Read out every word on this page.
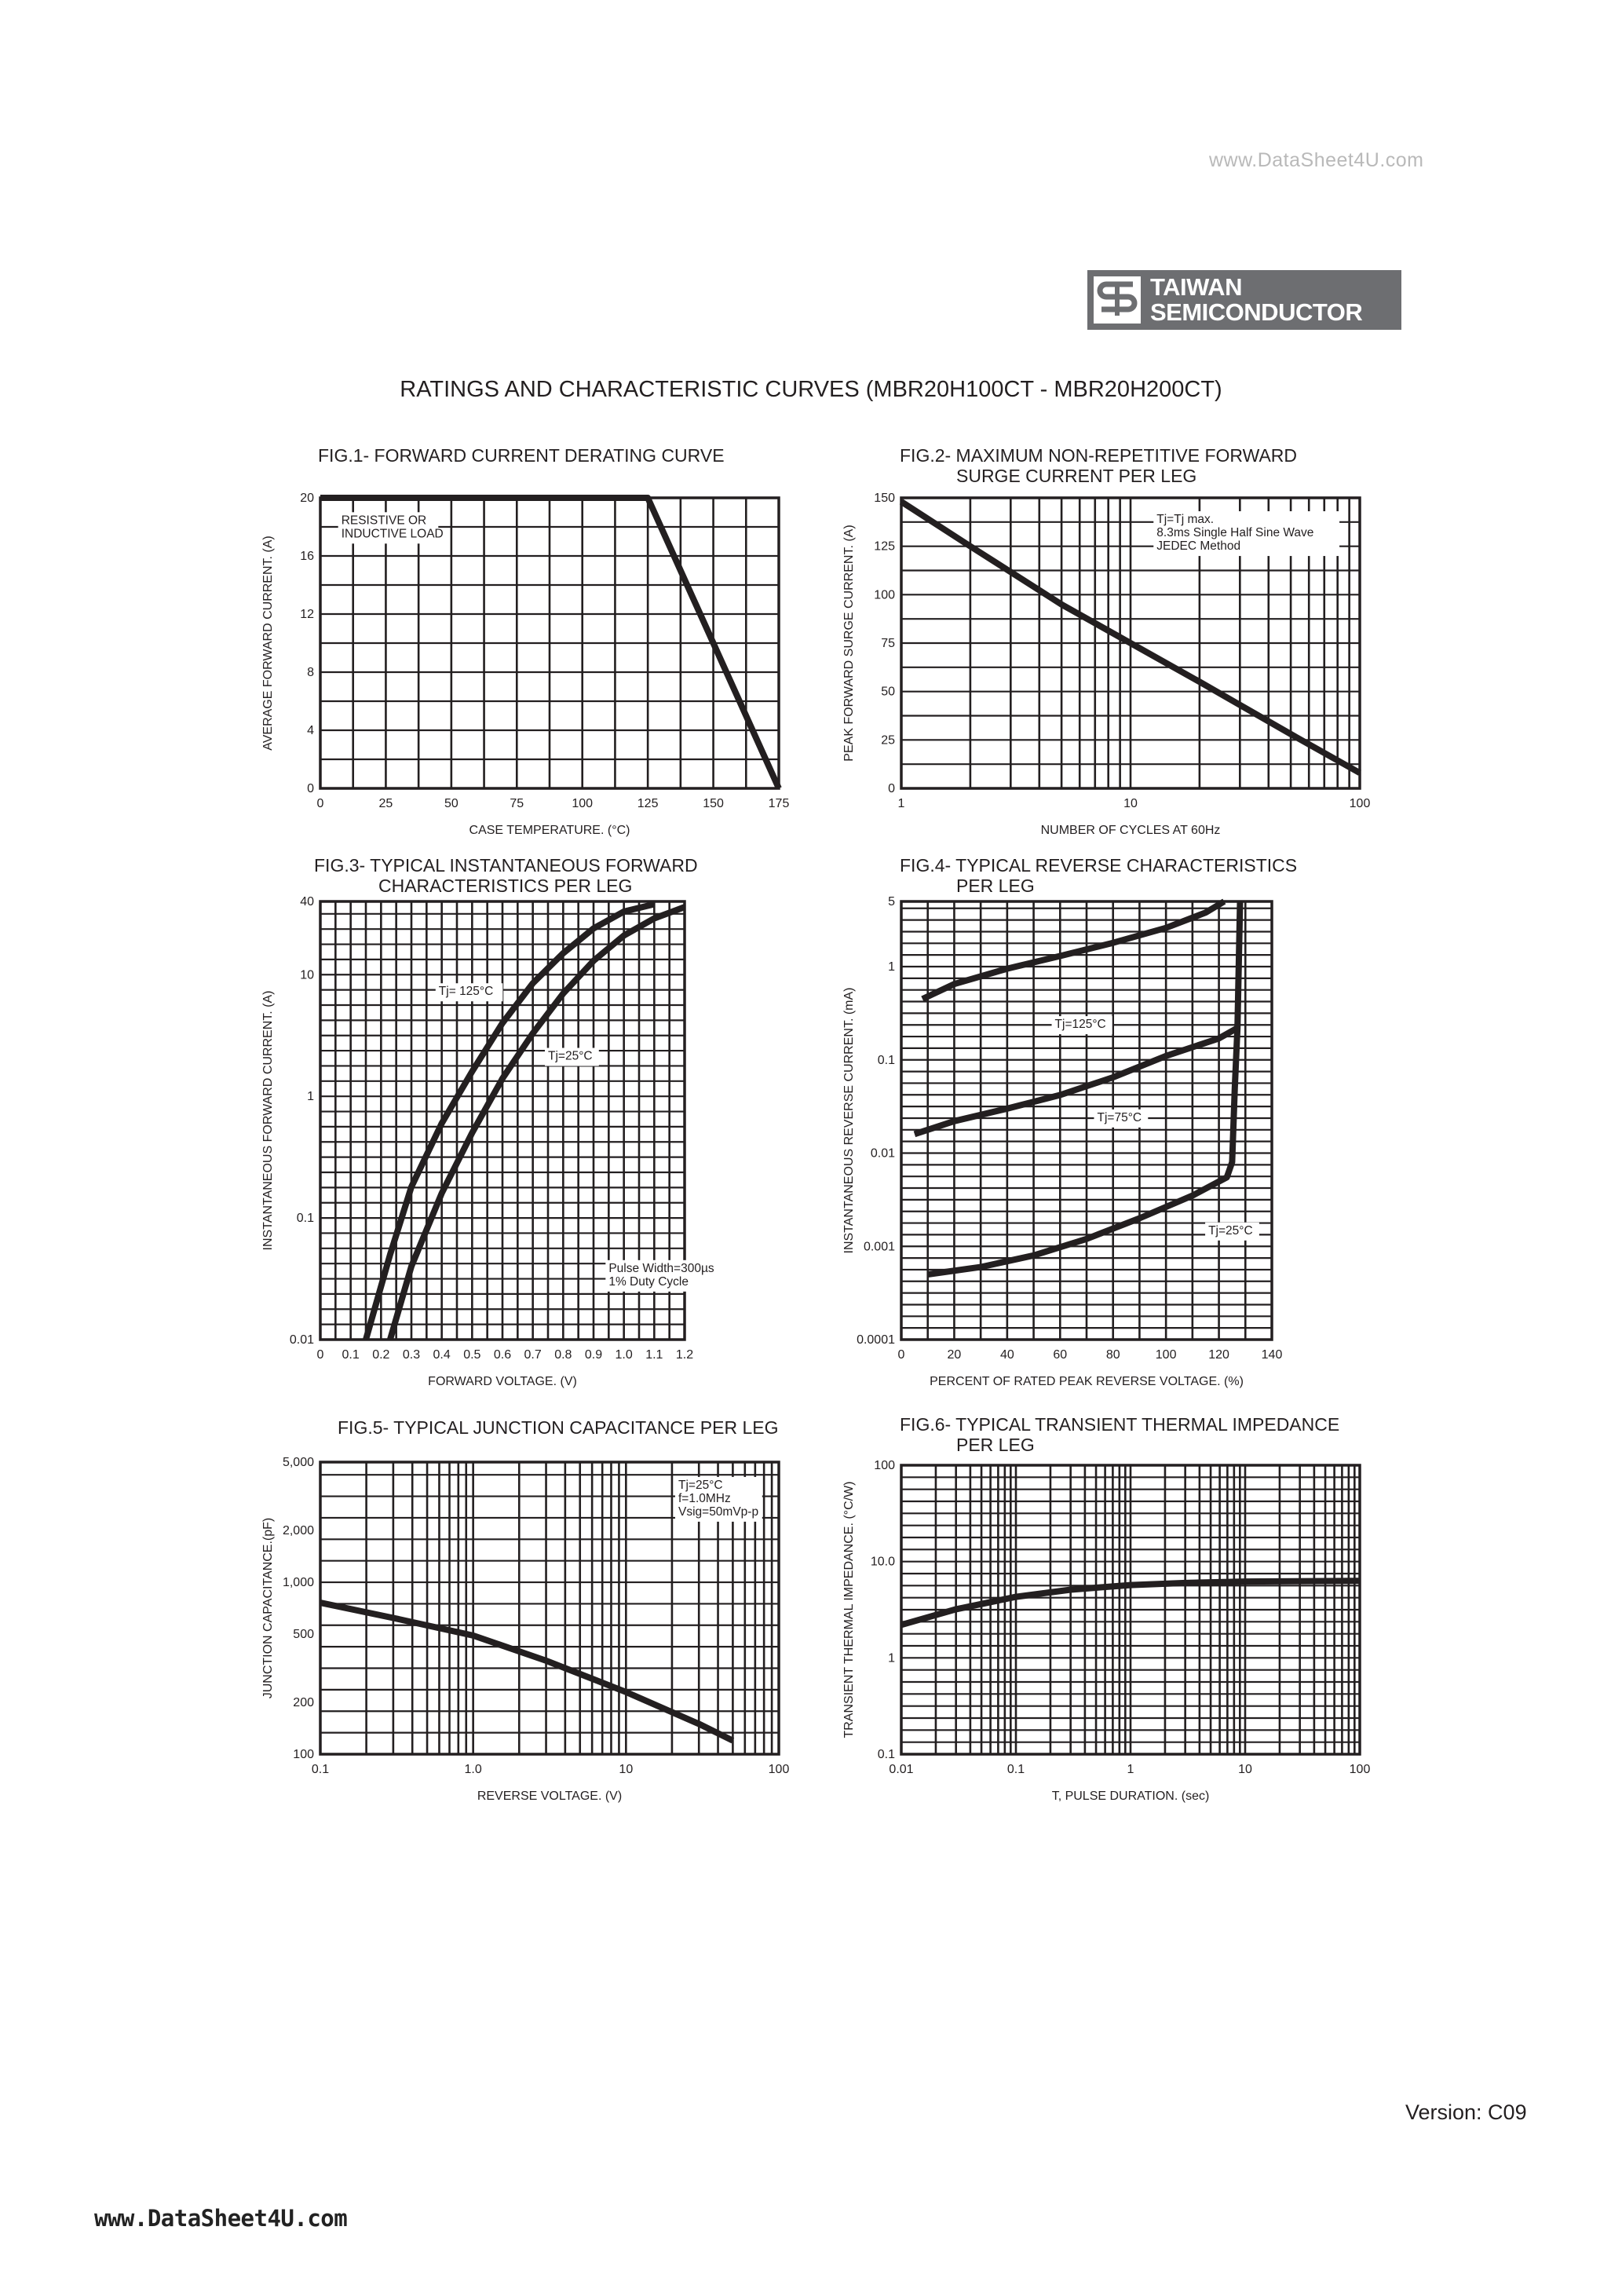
www.DataSheet4U.com
TAIWAN
SEMICONDUCTOR
RATINGS AND CHARACTERISTIC CURVES (MBR20H100CT - MBR20H200CT)
FIG.1- FORWARD CURRENT DERATING CURVE
0	25	50	75	100	125	150	175
0
4
8
12
16
20
CASE TEMPERATURE. (°C)
AVERAGE FORWARD CURRENT. (A)
RESISTIVE OR
INDUCTIVE LOAD
FIG.2- MAXIMUM NON-REPETITIVE FORWARD
SURGE CURRENT PER LEG
1	10	100
0
25
50
75
100
125
150
NUMBER OF CYCLES AT 60Hz
PEAK FORWARD SURGE CURRENT. (A)
Tj=Tj max.
8.3ms Single Half Sine Wave
JEDEC Method
FIG.3- TYPICAL INSTANTANEOUS FORWARD
CHARACTERISTICS PER LEG
0 0.1 0.2 0.3 0.4 0.5 0.6 0.7 0.8 0.9 1.0 1.1 1.2
0.01
0.1
1
10
40
FORWARD VOLTAGE. (V)
INSTANTANEOUS FORWARD CURRENT. (A)	Tj= 125°C
Tj=25°C
Pulse Width=300µs
1% Duty Cycle
FIG.4- TYPICAL REVERSE CHARACTERISTICS
PER LEG
0	20	40	60	80	100	120	140
0.0001
0.001
0.01
0.1
1
5
PERCENT OF RATED PEAK REVERSE VOLTAGE. (%)
INSTANTANEOUS REVERSE CURRENT. (mA)	Tj=125°C
Tj=75°C
Tj=25°C
FIG.5- TYPICAL JUNCTION CAPACITANCE PER LEG
0.1	1.0	10	100
100
200
500
1,000
2,000
5,000
REVERSE VOLTAGE. (V)
JUNCTION CAPACITANCE.(pF)
Tj=25°C
f=1.0MHz
Vsig=50mVp-p
FIG.6- TYPICAL TRANSIENT THERMAL IMPEDANCE
PER LEG
0.01	0.1	1	10	100
0.1
1
10.0
100
T, PULSE DURATION. (sec)
TRANSIENT THERMAL IMPEDANCE. (°C/W)
Version: C09
www.DataSheet4U.com
